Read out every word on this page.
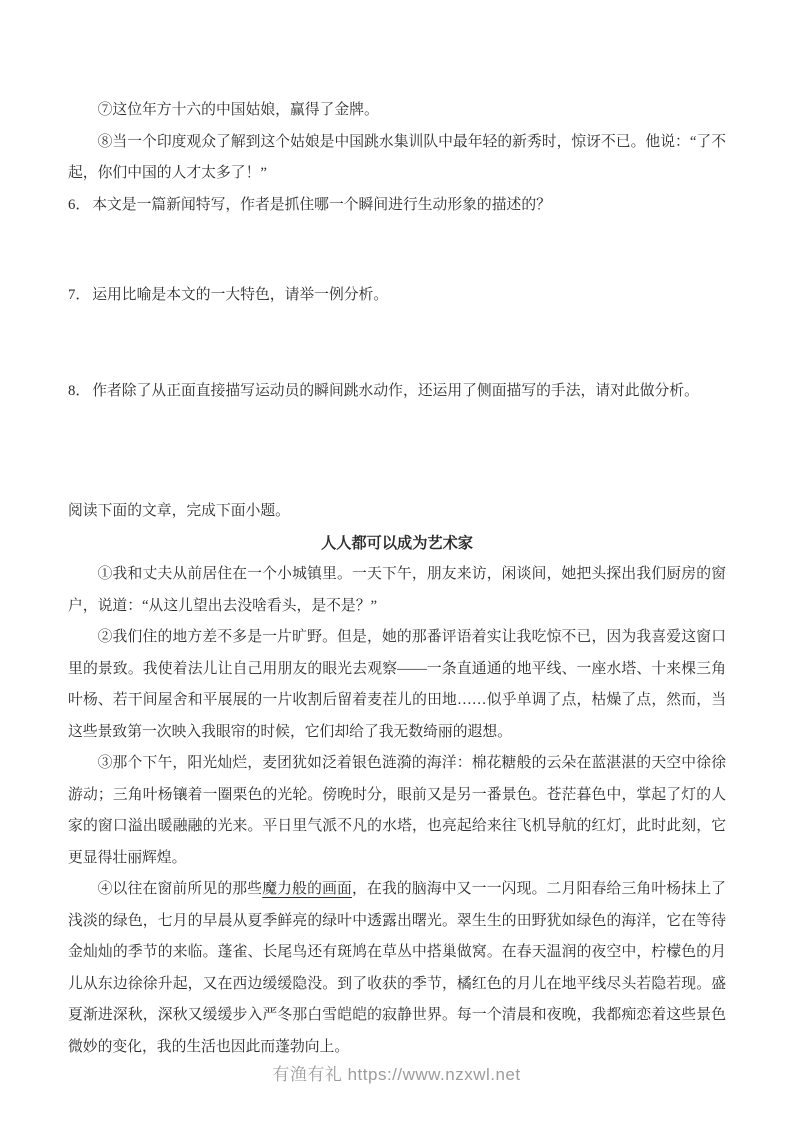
⑦这位年方十六的中国姑娘，赢得了金牌。

⑧当一个印度观众了解到这个姑娘是中国跳水集训队中最年轻的新秀时，惊讶不已。他说：“了不起，你们中国的人才太多了！”

6． 本文是一篇新闻特写，作者是抓住哪一个瞬间进行生动形象的描述的？

7． 运用比喻是本文的一大特色，请举一例分析。

8． 作者除了从正面直接描写运动员的瞬间跳水动作，还运用了侧面描写的手法，请对此做分析。

阅读下面的文章，完成下面小题。

人人都可以成为艺术家

①我和丈夫从前居住在一个小城镇里。一天下午，朋友来访，闲谈间，她把头探出我们厨房的窗户，说道：“从这儿望出去没啥看头，是不是？”

②我们住的地方差不多是一片旷野。但是，她的那番评语着实让我吃惊不已，因为我喜爱这窗口里的景致。我使着法儿让自己用朋友的眼光去观察——一条直通通的地平线、一座水塔、十来棵三角叶杨、若干间屋舍和平展展的一片收割后留着麦茬儿的田地……似乎单调了点，枯燥了点，然而，当这些景致第一次映入我眼帘的时候，它们却给了我无数绮丽的遐想。

③那个下午，阳光灿烂，麦团犹如泛着银色涟漪的海洋：棉花糖般的云朵在蓝湛湛的天空中徐徐游动；三角叶杨镶着一圈栗色的光轮。傍晚时分，眼前又是另一番景色。苍茫暮色中，掌起了灯的人家的窗口溢出暖融融的光来。平日里气派不凡的水塔，也亮起给来往飞机导航的红灯，此时此刻，它更显得壮丽辉煌。

④以往在窗前所见的那些魔力般的画面，在我的脑海中又一一闪现。二月阳春给三角叶杨抹上了浅淡的绿色，七月的早晨从夏季鲜亮的绿叶中透露出曙光。翠生生的田野犹如绿色的海洋，它在等待金灿灿的季节的来临。蓬雀、长尾鸟还有斑鸠在草丛中搭巢做窝。在春天温润的夜空中，柠檬色的月儿从东边徐徐升起，又在西边缓缓隐没。到了收获的季节，橘红色的月儿在地平线尽头若隐若现。盛夏渐进深秋，深秋又缓缓步入严冬那白雪皑皑的寂静世界。每一个清晨和夜晚，我都痴恋着这些景色微妙的变化，我的生活也因此而蓬勃向上。

有渔有礼 https://www.nzxwl.net
